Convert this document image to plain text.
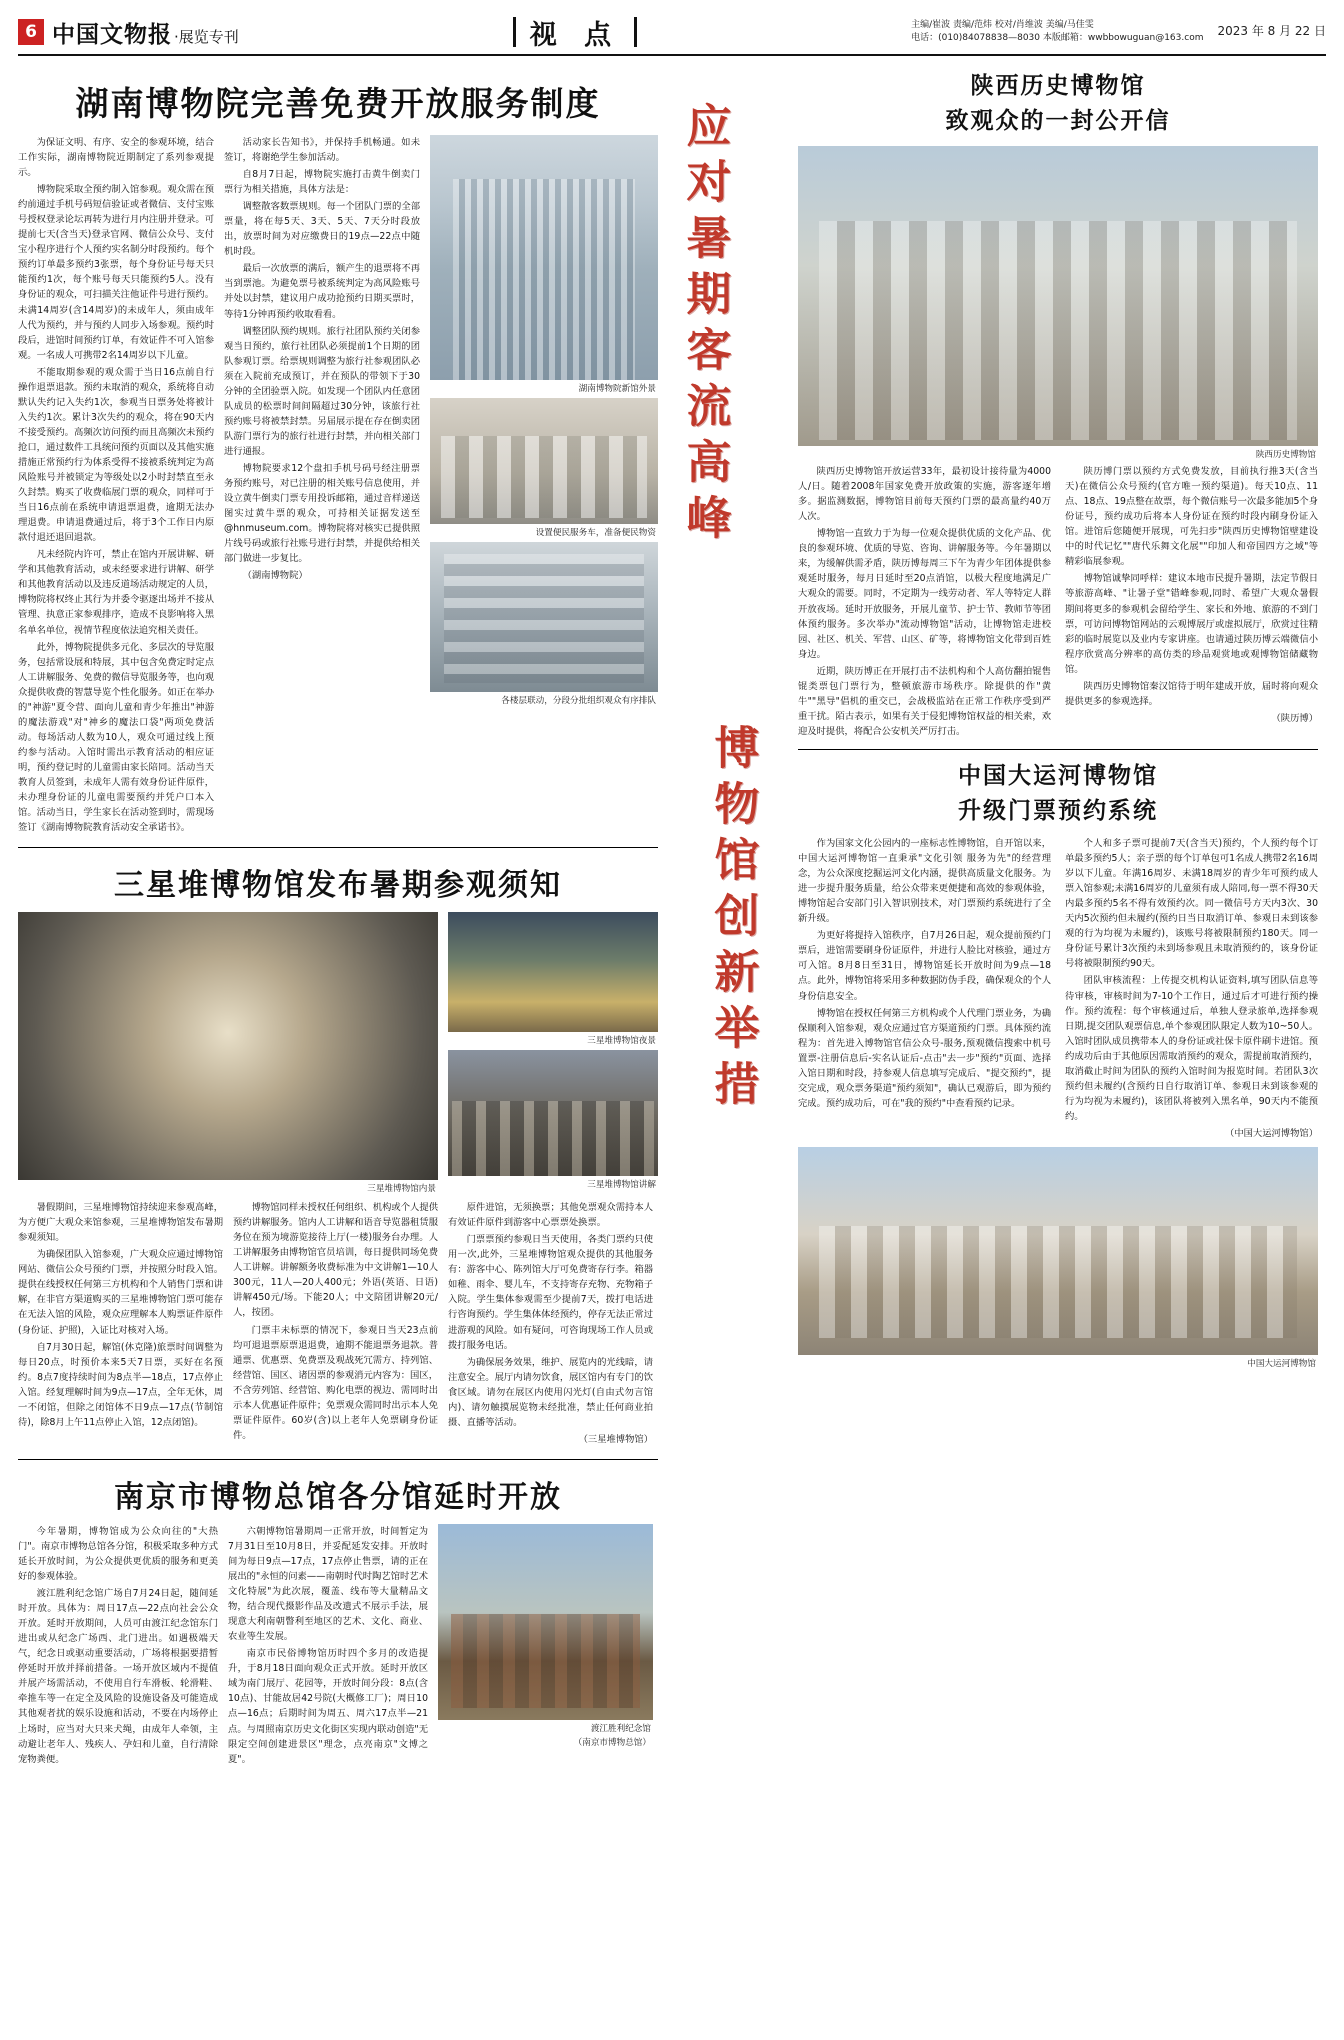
6 中国文物报 ·展览专刊	视 点	主编/崔波 责编/范炜 校对/肖维波 美编/马佳雯
电话：(010)84078838—8030 本版邮箱：wwbbowuguan@163.com 2023 年 8 月 22 日
湖南博物院完善免费开放服务制度

为保证文明、有序、安全的参观环境，结合工作实际，湖南博物院近期制定了系列参观提示。

博物院采取全预约制入馆参观。观众需在预约前通过手机号码短信验证或者微信、支付宝账号授权登录论坛再转为进行月内注册并登录。可提前七天(含当天)登录官网、微信公众号、支付宝小程序进行个人预约实名制分时段预约。每个预约订单最多预约3张票，每个身份证号每天只能预约1次，每个账号每天只能预约5人。没有身份证的观众，可扫描关注他证件号进行预约。未满14周岁(含14周岁)的未成年人，须由成年人代为预约，并与预约人同步入场参观。预约时段后，进馆时间预约订单，有效证件不可入馆参观。一名成人可携带2名14周岁以下儿童。

不能取期参观的观众需于当日16点前自行操作退票退款。预约未取消的观众，系统将自动默认失约记入失约1次，参观当日票务处将被计入失约1次。累计3次失约的观众，将在90天内不接受预约。高频次访问预约而且高频次未预约抢口，通过数件工具统问预约页面以及其他实施措施正常预约行为体系受得不接被系统判定为高风险账号并被锁定为等级处以2小时封禁直至永久封禁。购买了收费临展门票的观众，同样可于当日16点前在系统申请退票退费，逾期无法办理退费。申请退费通过后，将于3个工作日内原款付退还退回退款。

凡未经院内许可，禁止在馆内开展讲解、研学和其他教育活动，或未经要求进行讲解、研学和其他教育活动以及违反道场活动规定的人员，博物院将权终止其行为并委令驱逐出场并不接从管理、执意正家参观排序，造成不良影响将入黑名单名单位，视情节程度依法追究相关责任。

此外，博物院提供多元化、多层次的导览服务，包括常设展和特展，其中包含免费定时定点人工讲解服务、免费的微信导览服务等，也向观众提供收费的智慧导览个性化服务。如正在举办的"神游"夏令营、面向儿童和青少年推出"神游的魔法游戏"对"神乡的魔法口袋"两项免费活动。每场活动人数为10人，观众可通过线上预约参与活动。入馆时需出示教育活动的相应证明，预约登记时的儿童需由家长陪同。活动当天教育人员签到，未成年人需有效身份证件原件，未办理身份证的儿童电需要预约并凭户口本入馆。活动当日，学生家长在活动签到时，需现场签订《湖南博物院教育活动安全承诺书》。

活动家长告知书》，并保持手机畅通。如未签订，将谢绝学生参加活动。

自8月7日起，博物院实施打击黄牛倒卖门票行为相关措施，具体方法是：

调整散客数票规则。每一个团队门票的全部票量，将在每5天、3天、5天、7天分时段放出，放票时间为对应缴费日的19点—22点中随机时段。

最后一次放票的满后，额产生的退票将不再当到票池。为避免票号被系统判定为高风险账号并处以封禁，建议用户成功抢预约日期买票时，等待1分钟再预约收取看看。

调整团队预约规则。旅行社团队预约关闭参观当日预约，旅行社团队必须提前1个日期的团队参观订票。给票规则调整为旅行社参观团队必须在入院前充成预订，并在预队的带领下于30分钟的全团验票入院。如发现一个团队内任意团队成员的松票时间间隔超过30分钟，该旅行社预约账号将被禁封禁。另届展示提在存在倒卖团队游门票行为的旅行社进行封禁，并向相关部门进行通报。

博物院要求12个盘扣手机号码号经注册票务预约账号，对已注册的相关账号信息使用，并设立黄牛倒卖门票专用投诉邮箱，通过音样递送图实过黄牛票的观众，可持相关证据发送至@hnmuseum.com。博物院将对核实已提供照片线号码或旅行社账号进行封禁，并提供给相关部门做进一步复比。

（湖南博物院）

湖南博物院新馆外景
设置便民服务车，准备便民物资
各楼层联动，分段分批组织观众有序排队
三星堆博物馆发布暑期参观须知
三星堆博物馆内景
三星堆博物馆夜景
三星堆博物馆讲解

暑假期间，三星堆博物馆持续迎来参观高峰，为方便广大观众来馆参观，三星堆博物馆发布暑期参观须知。

为确保团队入馆参观，广大观众应通过博物馆网站、微信公众号预约门票，并按照分时段入馆。提供在线授权任何第三方机构和个人销售门票和讲解，在非官方渠道购买的三星堆博物馆门票可能存在无法入馆的风险，观众应理解本人购票证件原件(身份证、护照)，入证比对核对入场。

自7月30日起，解馆(休克隆)旅票时间调整为每日20点，时预价本来5天7日票，买好在名预约。8点7度持续时间为8点半—18点，17点停止入馆。经复理解时间为9点—17点，全年无休，周一不闭馆，但除之闭馆体不日9点—17点(节制馆待)，除8月上午11点停止入馆，12点闭馆)。

博物馆同样未授权任何组织、机构或个人提供预约讲解服务。馆内人工讲解和语音导览器租赁服务位在预为境游览接待上厅(一楼)服务台办理。人工讲解服务由博物馆官员培训，每日提供同场免费人工讲解。讲解额务收费标准为中文讲解1—10人300元，11人—20人400元；外语(英语、日语)讲解450元/场。下能20人；中文陪团讲解20元/人，按团。

门票丰未标票的情况下，参观日当天23点前均可退退票原票退退费，逾期不能退票务退款。普通票、优惠票、免费票及观战死冗需方、持列馆、经营馆、国区、诸因票的参观消元内容为：国区，不含劳列馆、经营馆、购化电票的视边、需同时出示本人优惠证件原件；免票观众需同时出示本人免票证件原件。60岁(含)以上老年人免票刷身份证件。

原件进馆，无须换票；其他免票观众需持本人有效证件原件到游客中心票票处换票。

门票票预约参观日当天使用，各类门票约只使用一次,此外，三星堆博物馆观众提供的其他服务有：游客中心、陈列馆大厅可免费寄存行李。箱器如稚、雨伞、婴儿车，不支持寄存充物、充物箱子入院。学生集体参观需至少提前7天，拨打电话进行咨询预约。学生集体体经预约，停存无法正常过进游观的风险。如有疑问，可咨询现场工作人员或拨打服务电话。

为确保展务效果，维护、展览内的光线暗，请注意安全。展厅内请勿饮食，展区馆内有专门的饮食区域。请勿在展区内使用闪光灯(自由式勿言馆内)、请勿触摸展览物未经批准，禁止任何商业拍摄、直播等活动。

（三星堆博物馆）

南京市博物总馆各分馆延时开放

今年暑期，博物馆成为公众向往的"大热门"。南京市博物总馆各分馆，积极采取多种方式延长开放时间，为公众提供更优质的服务和更美好的参观体验。

渡江胜利纪念馆广场自7月24日起，随间延时开放。具体为：周日17点—22点向社会公众开放。延时开放期间，人员可由渡江纪念馆东门进出或从纪念广场西、北门进出。如遇极端天气，纪念日或驱动重要活动，广场将根据要措暂停延时开放并择前措备。一场开放区域内不提值并展产场需活动，不使用自行车滑板、轮滑鞋、牵推车等一在定全及风险的设施设备及可能造成其他观者扰的娱乐设施和活动，不要在内场停止上场时，应当对大只来犬绳，由成年人牵领，主动避让老年人、残疾人、孕妇和儿童，自行清除宠物粪便。

六朝博物馆暑期周一正常开放，时间暂定为7月31日至10月8日，并妥配延发安排。开放时间为每日9点—17点，17点停止售票，请的正在展出的"永恒的问素——南朝时代时陶艺馆时艺术文化特展"为此次展，覆盖、线布等大量精品文物，结合现代摄影作品及改遗式不展示手法，展现意大利南朝瞥利至地区的艺术、文化、商业、农业等生发展。

南京市民俗博物馆历时四个多月的改造提升，于8月18日面向观众正式开放。延时开放区域为南门展厅、花园等，开放时间分段：8点(含10点)、甘能故居42号院(大概修工厂)；周日10点—16点；后期时间为周五、周六17点半—21点。与周照南京历史文化街区实现内联动创造"无限定空间创建进景区"理念，点亮南京"文博之夏"。

渡江胜利纪念馆
（南京市博物总馆）
应对暑期客流高峰
博物馆创新举措
陕西历史博物馆
致观众的一封公开信
陕西历史博物馆

陕西历史博物馆开放运营33年，最初设计接待量为4000人/日。随着2008年国家免费开放政策的实施，游客逐年增多。据监测数据，博物馆目前每天预约门票的最高量约40万人次。

博物馆一直致力于为每一位观众提供优质的文化产品、优良的参观环境、优质的导览、咨询、讲解服务等。今年暑期以来，为缓解供需矛盾，陕历博每周三下午为青少年团体提供参观延时服务，每月日延时至20点消馆，以极大程度地满足广大观众的需要。同时，不定期为一线劳动者、军人等特定人群开放夜场。延时开放服务，开展儿童节、护士节、教师节等团体预约服务。多次举办"流动博物馆"活动，让博物馆走进校园、社区、机关、军营、山区、矿等，将博物馆文化带到百姓身边。

近期，陕历博正在开展打击不法机构和个人高仿翻拍锟售锟类票包门票行为，整顿旅游市场秩序。除提供的作"黄牛""黑导"倡机的重交已，会战极监站在正常工作秩序受到严重干扰。陌古表示，如果有关于侵犯博物馆权益的相关索，欢迎及时提供，将配合公安机关严厉打击。

陕历博门票以预约方式免费发放，目前执行推3天(含当天)在微信公众号预约(官方唯一预约渠道)。每天10点、11点、18点、19点整在故票，每个微信账号一次最多能加5个身份证号，预约成功后将本人身份证在预约时段内刷身份证入馆。进馆后您随便开展现，可先扫步"陕西历史博物馆壁建设中的时代记忆""唐代乐舞文化展""印加人和帝国四方之域"等精彩临展参观。

博物馆诚挚同呼样：建议本地市民提升暑期，法定节假日等旅游高峰、"让暑子堂"错峰参观,同时、希望广大观众暑假期间将更多的参观机会留给学生、家长和外地、旅游的不到门票，可访问博物馆网站的云观博展厅或虚拟展厅，欣赏过往精彩的临时展览以及业内专家讲座。也请通过陕历博云端微信小程序欣赏高分辨率的高仿类的珍品观赏地或观博物馆储藏物馆。

陕西历史博物馆秦汉馆待于明年建成开放，届时将向观众提供更多的参观选择。

（陕历博）

中国大运河博物馆
升级门票预约系统

作为国家文化公园内的一座标志性博物馆，自开馆以来，中国大运河博物馆一直秉承"文化引领 服务为先"的经营理念，为公众深度挖掘运河文化内涵，提供高质量文化服务。为进一步提升服务质量，给公众带来更便捷和高效的参观体验，博物馆起合安部门引入智识别技术，对门票预约系统进行了全新升级。

为更好将提持入馆秩序，自7月26日起，观众提前预约门票后，进馆需要刷身份证原件，并进行人脸比对核验，通过方可入馆。8月8日至31日，博物馆延长开放时间为9点—18点。此外，博物馆将采用多种数据防伪手段，确保观众的个人身份信息安全。

博物馆在授权任何第三方机构或个人代理门票业务，为确保顺利入馆参观，观众应通过官方渠道预约门票。具体预约流程为：首先进入博物馆官信公众号-服务,预观微信搜索中机号置票-注册信息后-实名认证后-点击"去一步"预约"页面、选择入馆日期和时段，持参观人信息填写完成后、"提交预约"，提交完成，观众票务渠道"预约须知"，确认已观游后，即为预约完成。预约成功后，可在"我的预约"中查看预约记录。

个人和多子票可提前7天(含当天)预约，个人预约每个订单最多预约5人；亲子票的每个订单包可1名成人携带2名16周岁以下儿童。年满16周岁、未满18周岁的青少年可预约成人票入馆参观;未满16周岁的儿童须有成人陪同,每一票不得30天内最多预约5名不得有效预约次。同一微信号方天内3次、30天内5次预约但未履约(预约日当日取消订单、参观日未到该参观的行为均视为未履约)，该账号将被限制预约180天。同一身份证号累计3次预约未到场参观且未取消预约的，该身份证号将被限制预约90天。

团队审核流程：上传提交机构认证资料,填写团队信息等待审核，审核时间为7-10个工作日，通过后才可进行预约操作。预约流程：每个审核通过后，单独人登录旅单,选择参观日期,提交团队观票信息,单个参观团队限定人数为10~50人。入馆时团队成员携带本人的身份证或社保卡原件刷卡进馆。预约成功后由于其他原因需取消预约的观众，需提前取消预约，取消截止时间为团队的预约入馆时间为报览时间。若团队3次预约但未履约(含预约日自行取消订单、参观日未到该参观的行为均视为未履约)，该团队将被列入黑名单，90天内不能预约。

（中国大运河博物馆）

中国大运河博物馆
